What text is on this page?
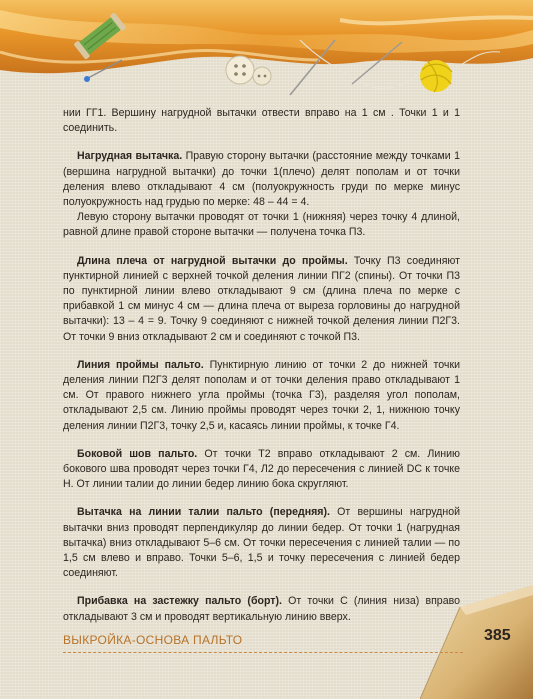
нии ГГ1. Вершину нагрудной вытачки отвести вправо на 1 см . Точки 1 и 1 соединить.

Нагрудная вытачка. Правую сторону вытачки (расстояние между точками 1 (вершина нагрудной вытачки) до точки 1(плечо) делят пополам и от точки деления влево откладывают 4 см (полуокружность груди по мерке минус полуокружность над грудью по мерке: 48 – 44 = 4.

Левую сторону вытачки проводят от точки 1 (нижняя) через точку 4 длиной, равной длине правой стороне вытачки — получена точка П3.

Длина плеча от нагрудной вытачки до проймы. Точку П3 соединяют пунктирной линией с верхней точкой деления линии ПГ2 (спины). От точки П3 по пунктирной линии влево откладывают 9 см (длина плеча по мерке с прибавкой 1 см минус 4 см — длина плеча от выреза горловины до нагрудной вытачки): 13 – 4 = 9. Точку 9 соединяют с нижней точкой деления линии П2Г3. От точки 9 вниз откладывают 2 см и соединяют с точкой П3.

Линия проймы пальто. Пунктирную линию от точки 2 до нижней точки деления линии П2Г3 делят пополам и от точки деления право откладывают 1 см. От правого нижнего угла проймы (точка Г3), разделяя угол пополам, откладывают 2,5 см. Линию проймы проводят через точки 2, 1, нижнюю точку деления линии П2Г3, точку 2,5 и, касаясь линии проймы, к точке Г4.

Боковой шов пальто. От точки Т2 вправо откладывают 2 см. Линию бокового шва проводят через точки Г4, Л2 до пересечения с линией DC к точке Н. От линии талии до линии бедер линию бока скругляют.

Вытачка на линии талии пальто (передняя). От вершины нагрудной вытачки вниз проводят перпендикуляр до линии бедер. От точки 1 (нагрудная вытачка) вниз откладывают 5–6 см. От точки пересечения с линией талии — по 1,5 см влево и вправо. Точки 5–6, 1,5 и точку пересечения с линией бедер соединяют.

Прибавка на застежку пальто (борт). От точки С (линия низа) вправо откладывают 3 см и проводят вертикальную линию вверх.

ВЫКРОЙКА-ОСНОВА ПАЛЬТО	385
